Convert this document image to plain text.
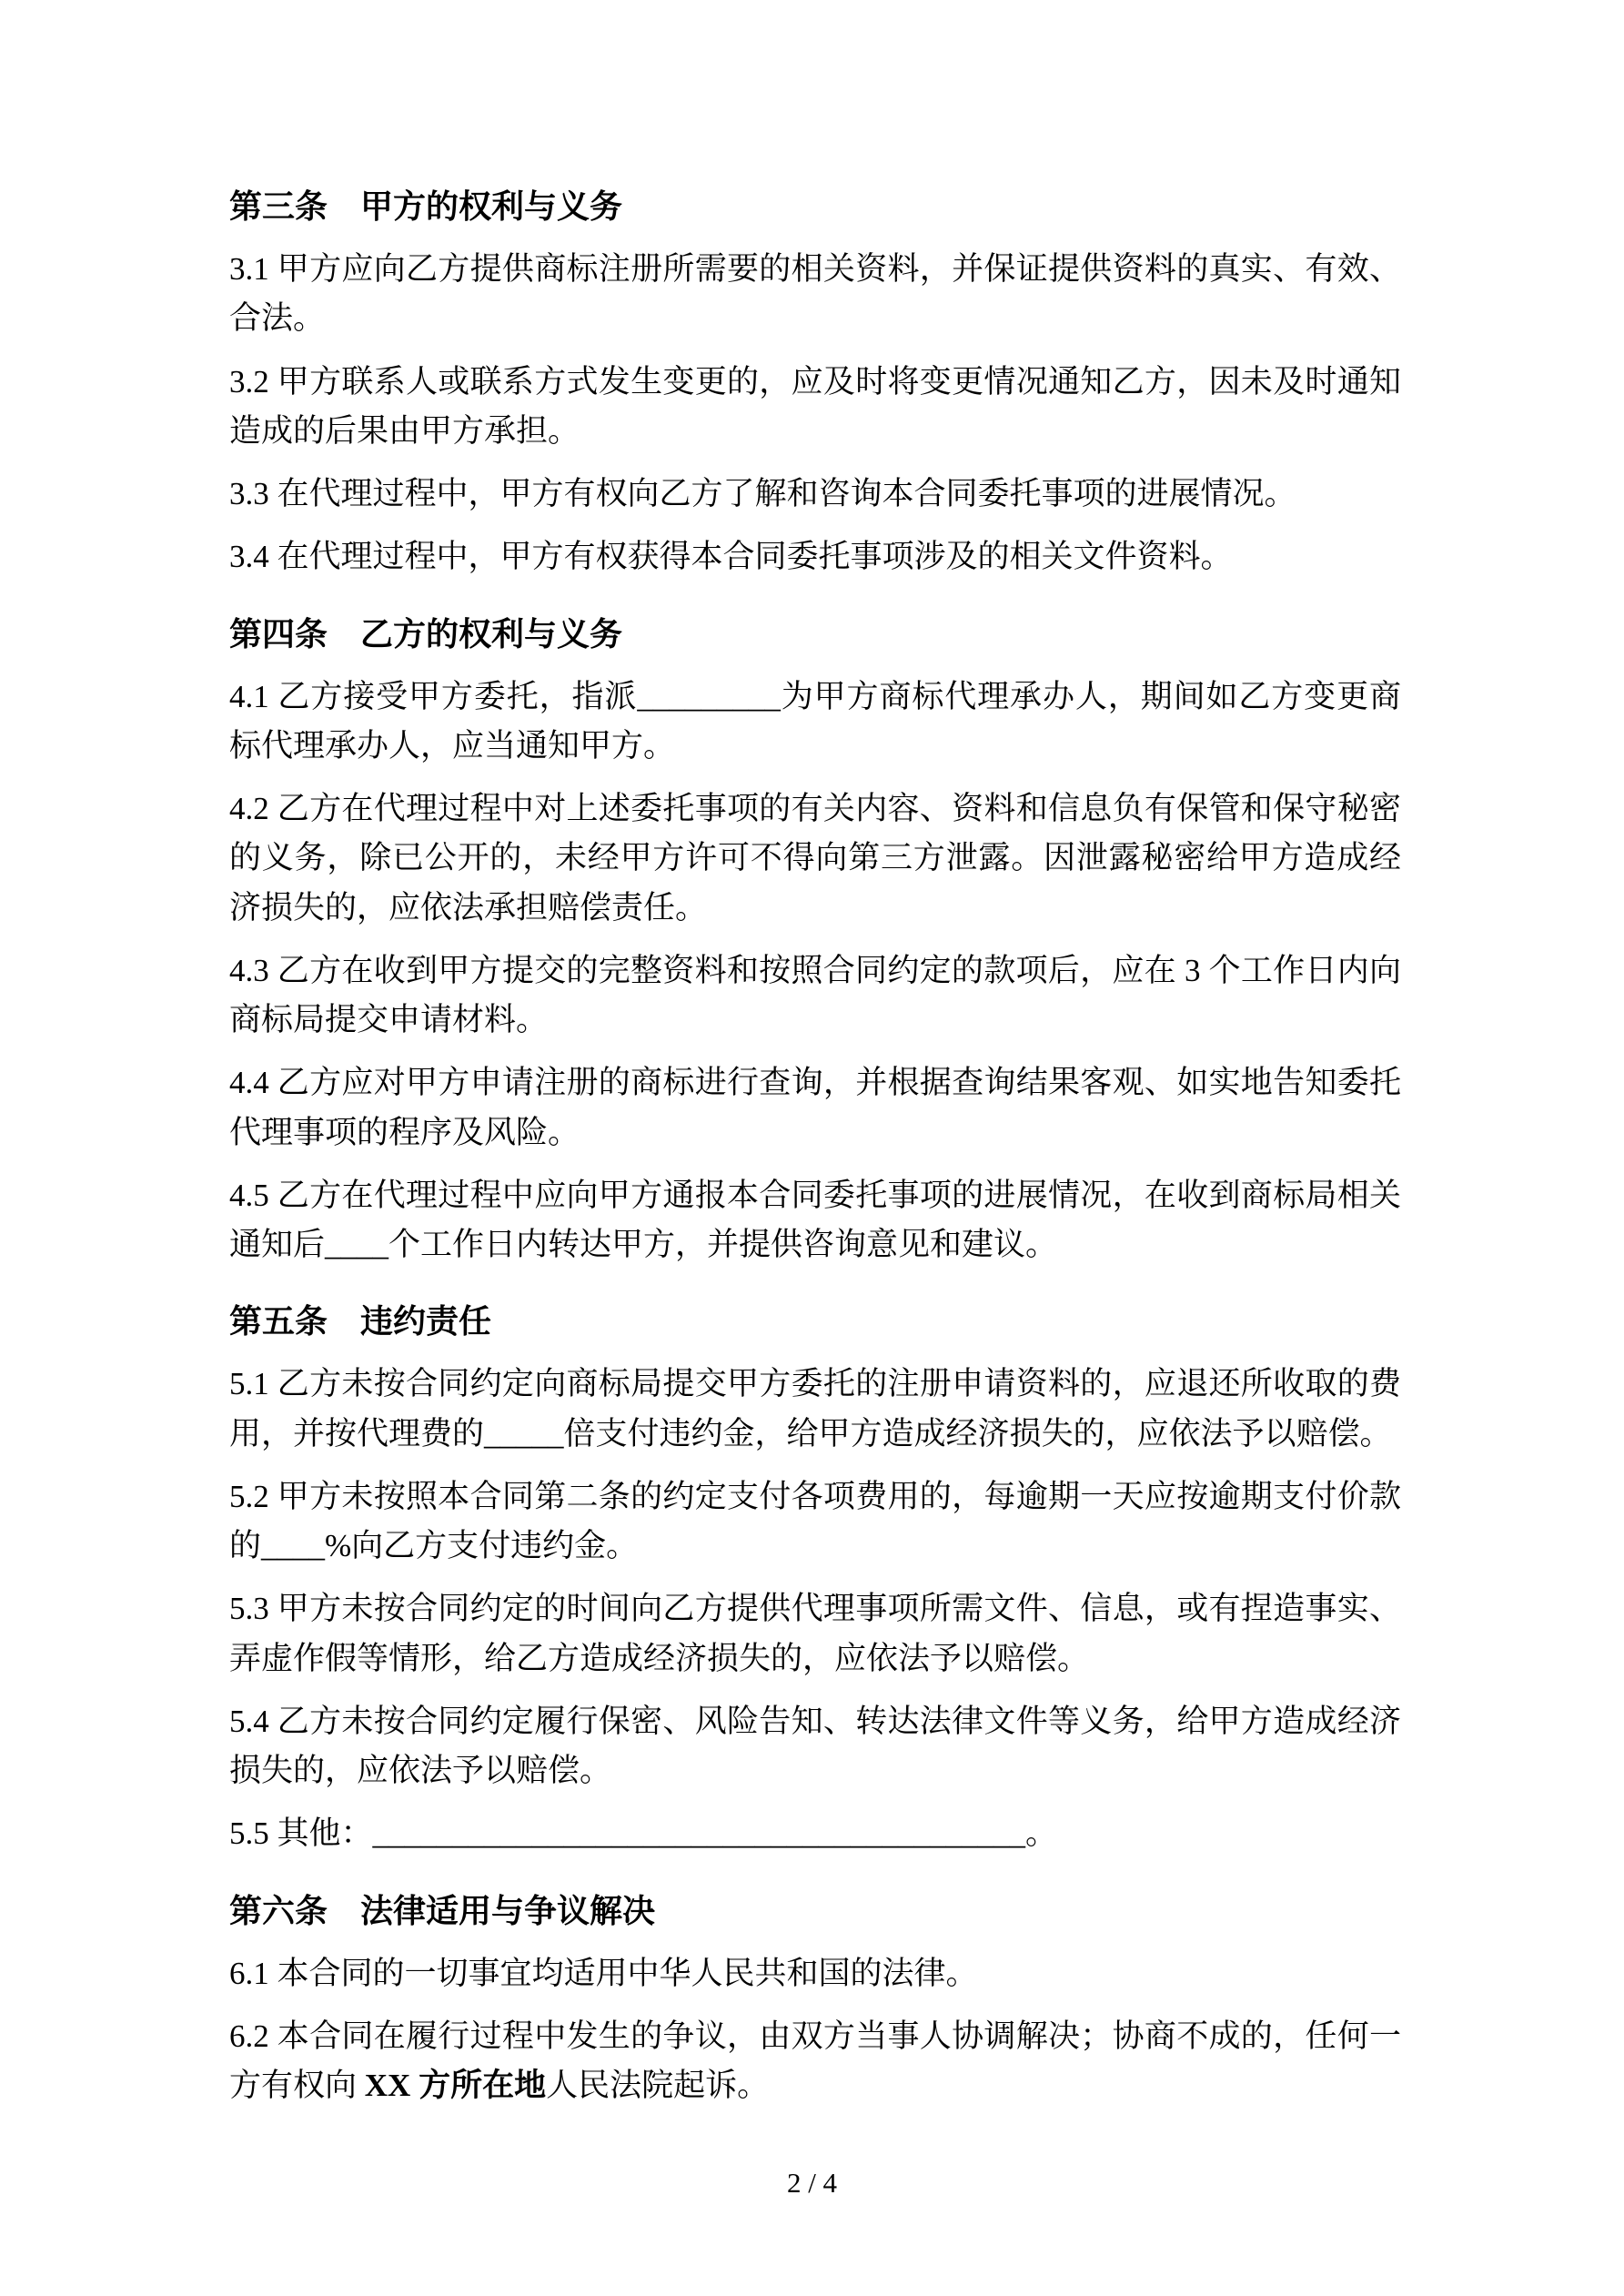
第三条　甲方的权利与义务

3.1 甲方应向乙方提供商标注册所需要的相关资料，并保证提供资料的真实、有效、合法。

3.2 甲方联系人或联系方式发生变更的，应及时将变更情况通知乙方，因未及时通知造成的后果由甲方承担。

3.3 在代理过程中，甲方有权向乙方了解和咨询本合同委托事项的进展情况。

3.4 在代理过程中，甲方有权获得本合同委托事项涉及的相关文件资料。

第四条　乙方的权利与义务

4.1 乙方接受甲方委托，指派_________为甲方商标代理承办人，期间如乙方变更商标代理承办人，应当通知甲方。

4.2 乙方在代理过程中对上述委托事项的有关内容、资料和信息负有保管和保守秘密的义务，除已公开的，未经甲方许可不得向第三方泄露。因泄露秘密给甲方造成经济损失的，应依法承担赔偿责任。

4.3 乙方在收到甲方提交的完整资料和按照合同约定的款项后，应在 3 个工作日内向商标局提交申请材料。

4.4 乙方应对甲方申请注册的商标进行查询，并根据查询结果客观、如实地告知委托代理事项的程序及风险。

4.5 乙方在代理过程中应向甲方通报本合同委托事项的进展情况，在收到商标局相关通知后____个工作日内转达甲方，并提供咨询意见和建议。

第五条　违约责任

5.1 乙方未按合同约定向商标局提交甲方委托的注册申请资料的，应退还所收取的费用，并按代理费的_____倍支付违约金，给甲方造成经济损失的，应依法予以赔偿。

5.2 甲方未按照本合同第二条的约定支付各项费用的，每逾期一天应按逾期支付价款的____%向乙方支付违约金。

5.3 甲方未按合同约定的时间向乙方提供代理事项所需文件、信息，或有捏造事实、弄虚作假等情形，给乙方造成经济损失的，应依法予以赔偿。

5.4 乙方未按合同约定履行保密、风险告知、转达法律文件等义务，给甲方造成经济损失的，应依法予以赔偿。

5.5 其他：_________________________________________。

第六条　法律适用与争议解决

6.1 本合同的一切事宜均适用中华人民共和国的法律。

6.2 本合同在履行过程中发生的争议，由双方当事人协调解决；协商不成的，任何一方有权向 XX 方所在地人民法院起诉。

2 / 4
